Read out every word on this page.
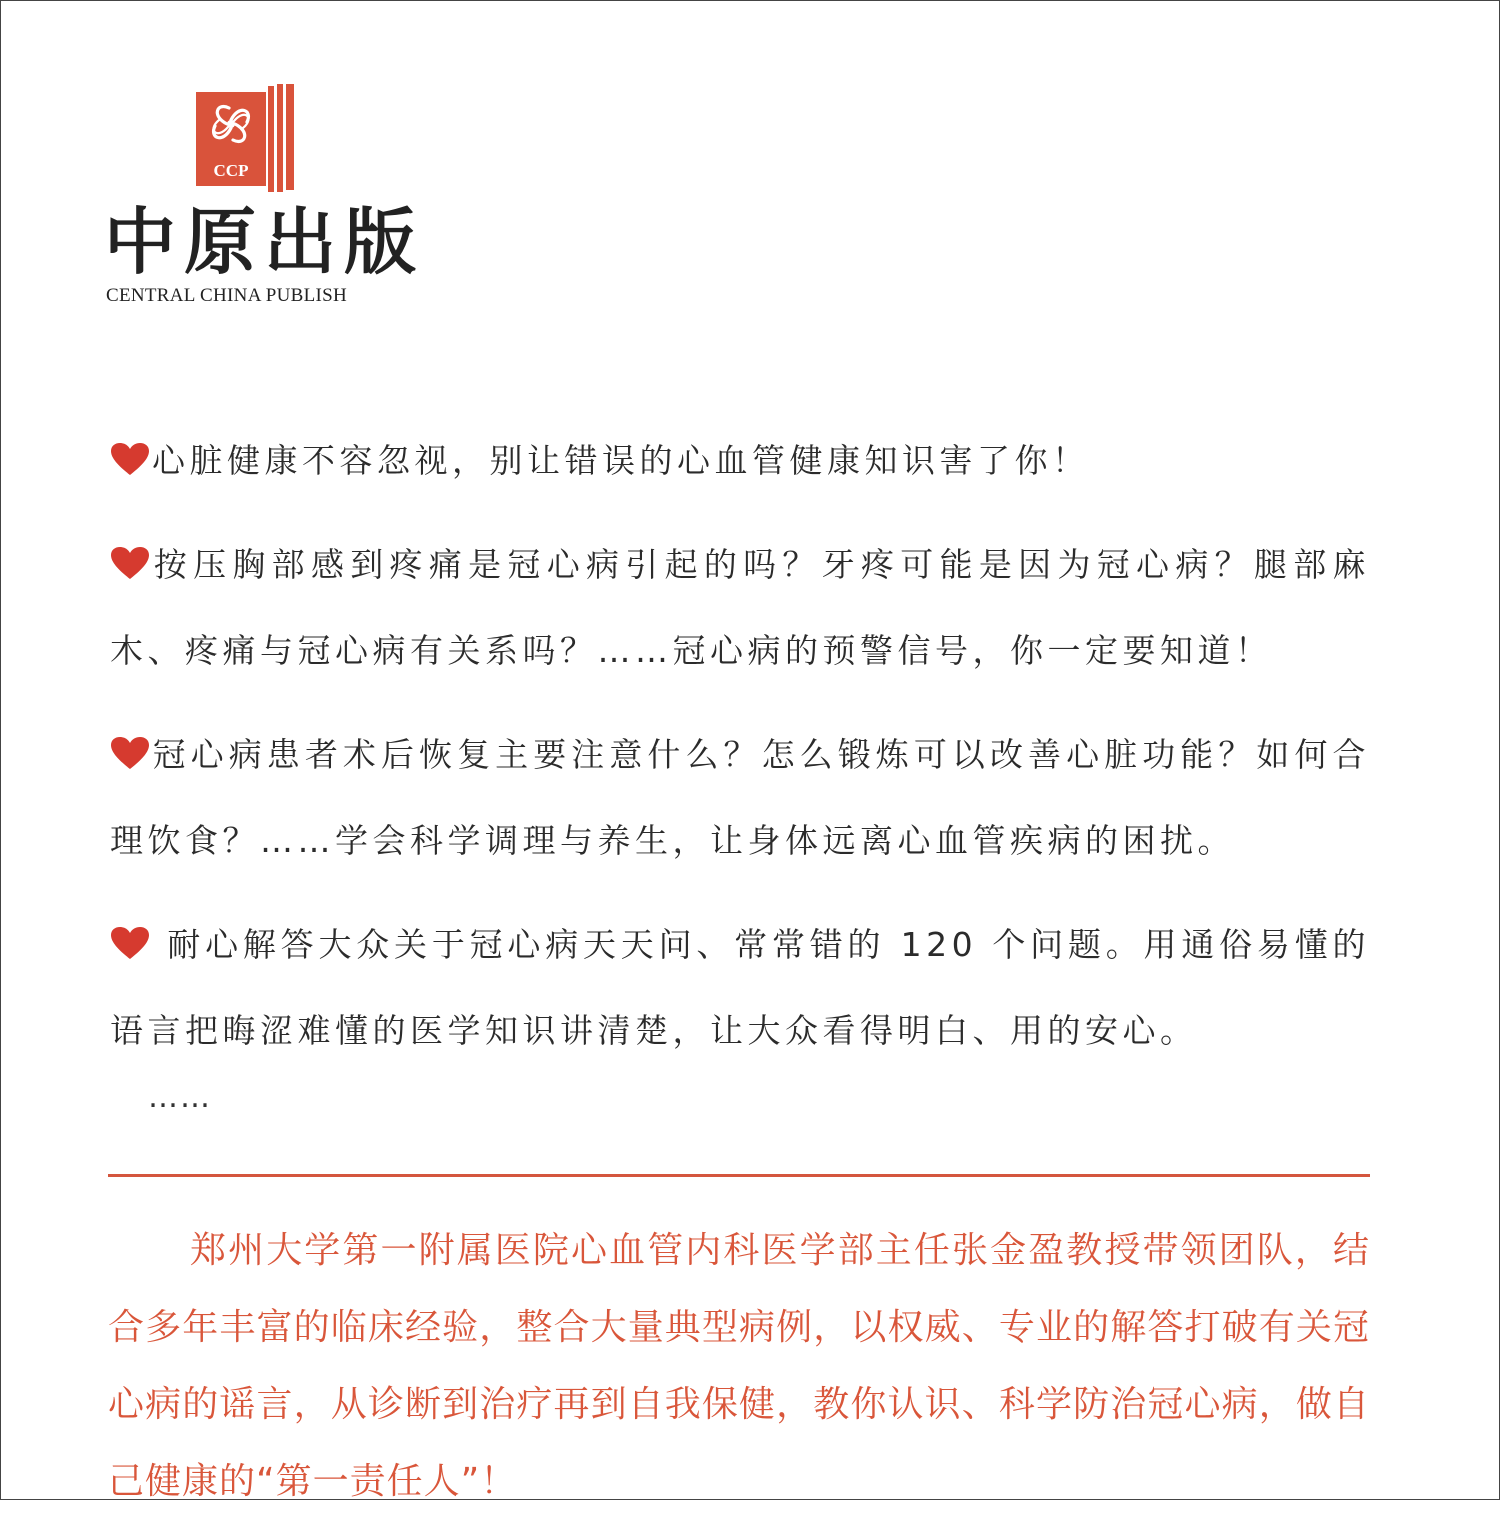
CCP
中原出版
CENTRAL CHINA PUBLISH

心脏健康不容忽视，别让错误的心血管健康知识害了你！

按压胸部感到疼痛是冠心病引起的吗？牙疼可能是因为冠心病？腿部麻木、疼痛与冠心病有关系吗？……冠心病的预警信号，你一定要知道！

冠心病患者术后恢复主要注意什么？怎么锻炼可以改善心脏功能？如何合理饮食？……学会科学调理与养生，让身体远离心血管疾病的困扰。

耐心解答大众关于冠心病天天问、常常错的 120 个问题。用通俗易懂的语言把晦涩难懂的医学知识讲清楚，让大众看得明白、用的安心。

……

郑州大学第一附属医院心血管内科医学部主任张金盈教授带领团队，结合多年丰富的临床经验，整合大量典型病例，以权威、专业的解答打破有关冠心病的谣言，从诊断到治疗再到自我保健，教你认识、科学防治冠心病，做自己健康的“第一责任人”！
